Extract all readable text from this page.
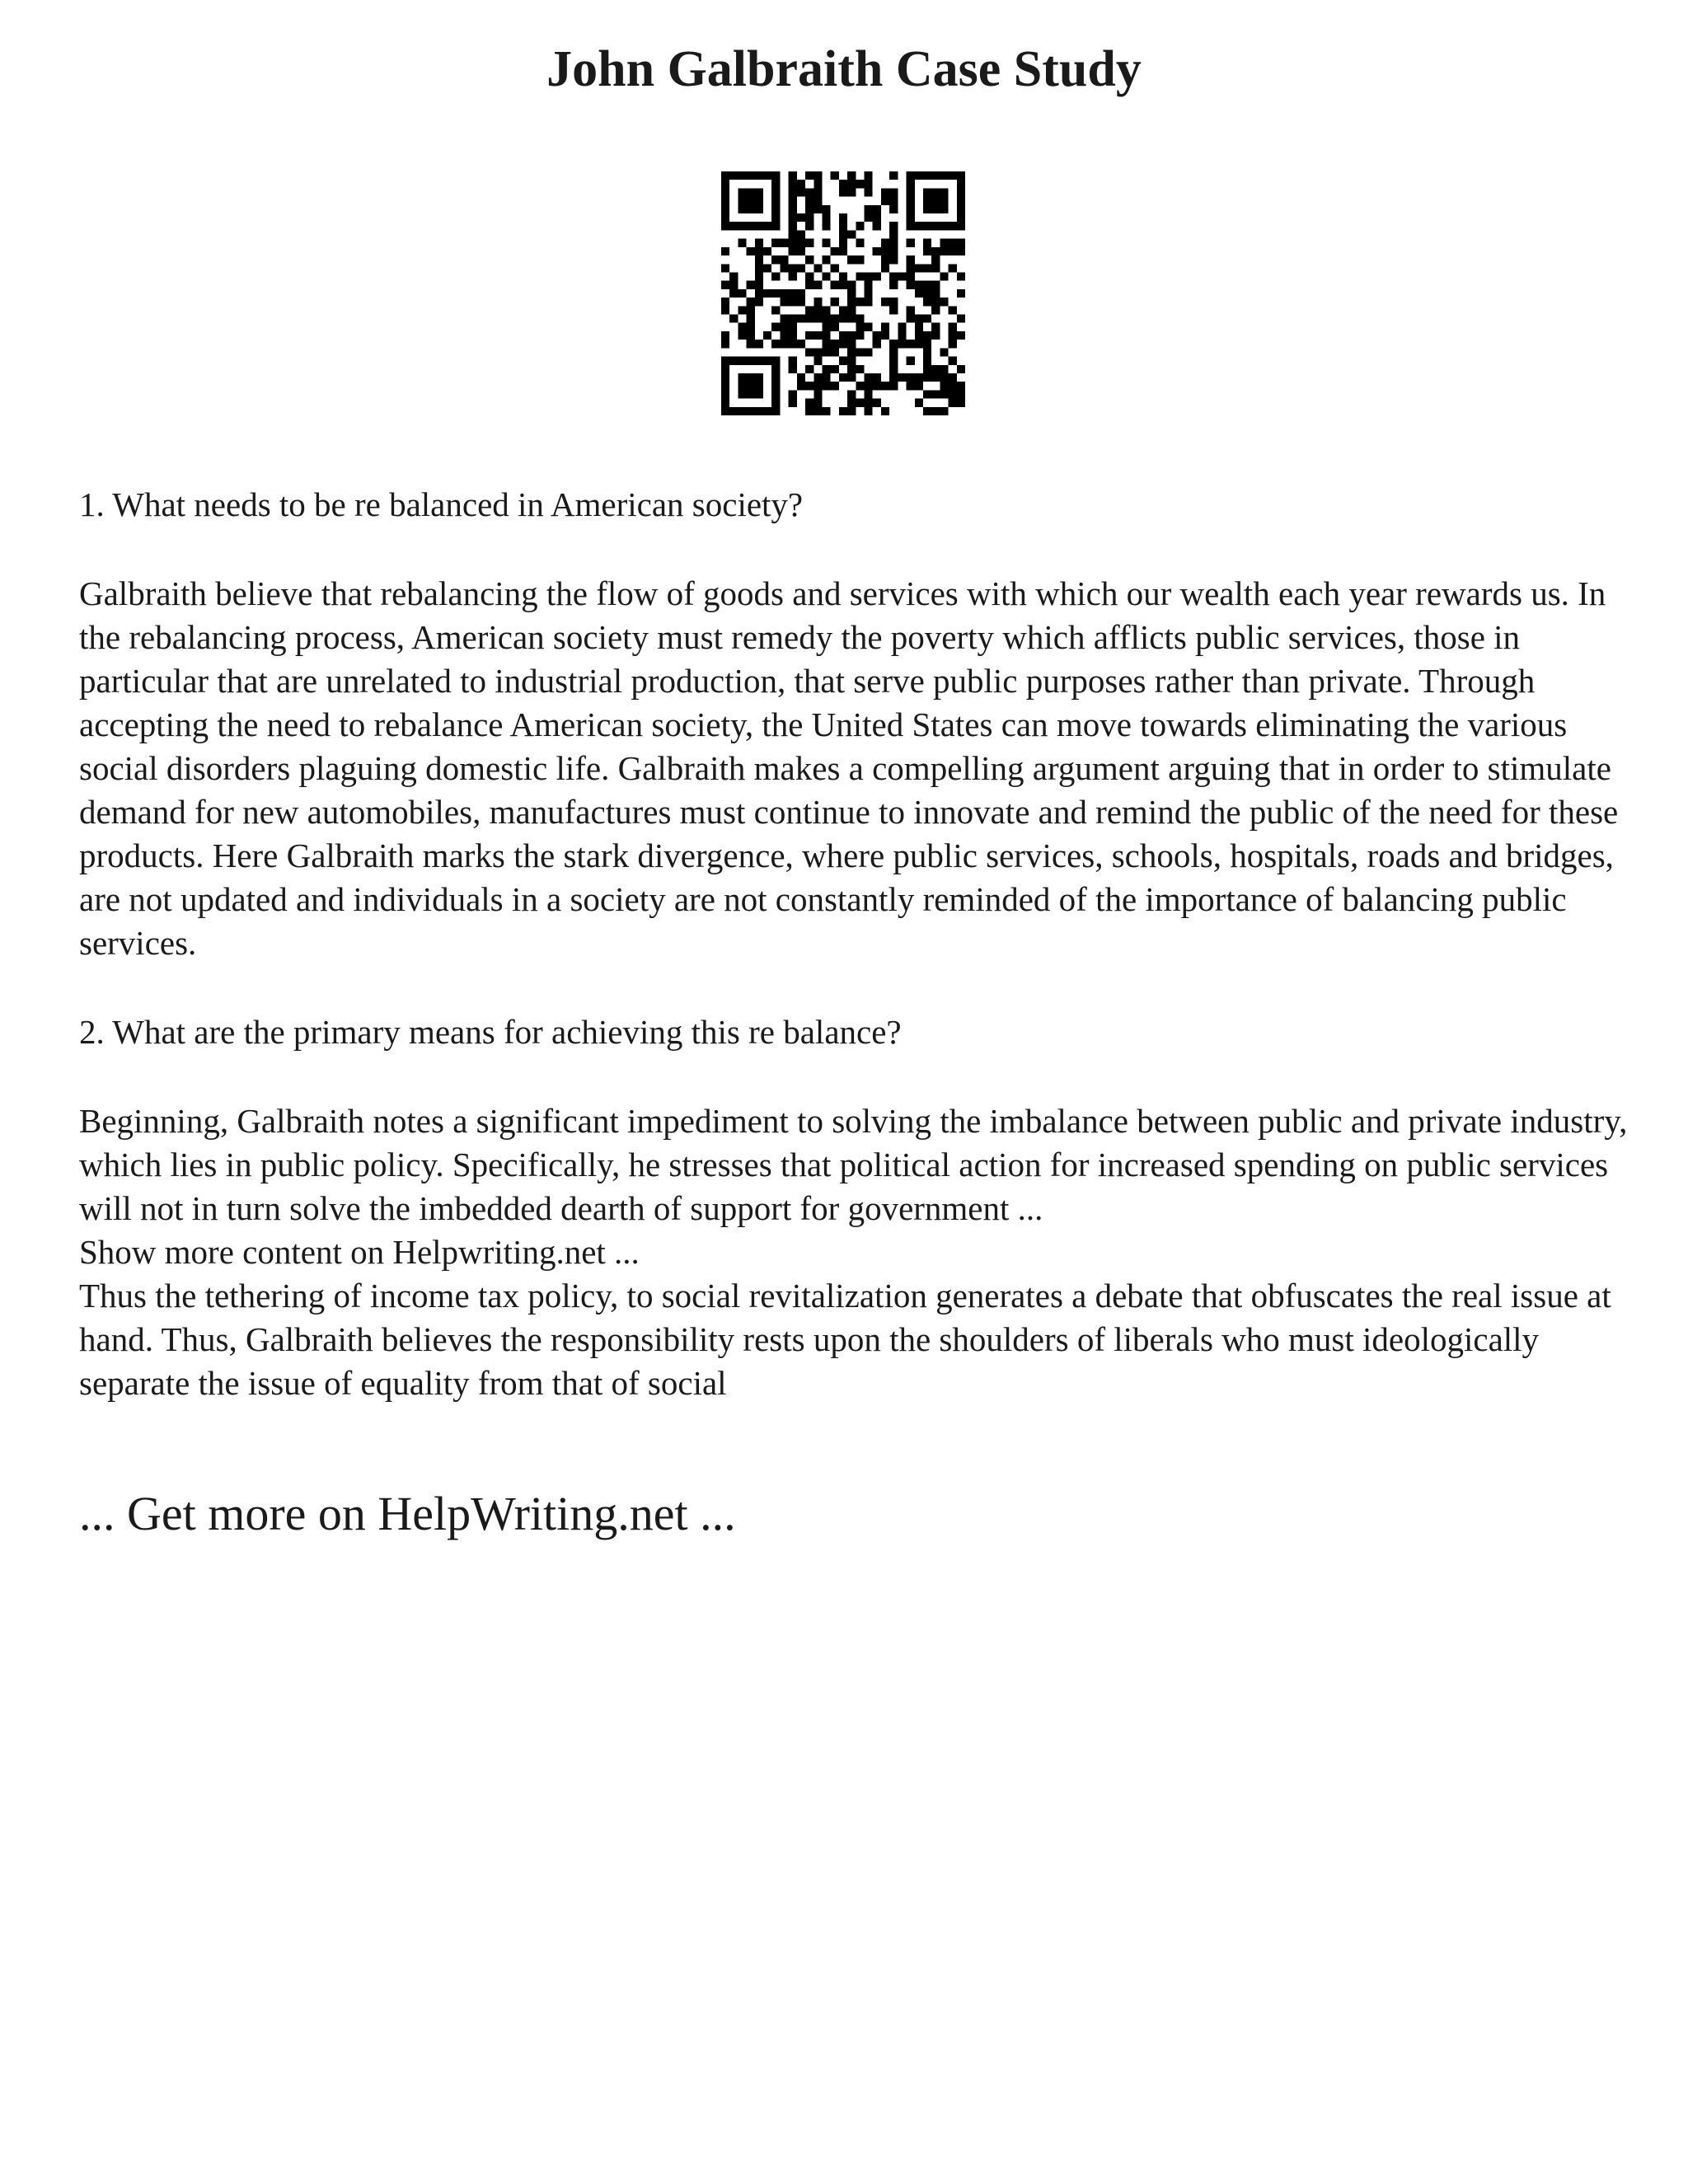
John Galbraith Case Study

1. What needs to be re balanced in American society?

Galbraith believe that rebalancing the flow of goods and services with which our wealth each year rewards us. In the rebalancing process, American society must remedy the poverty which afflicts public services, those in particular that are unrelated to industrial production, that serve public purposes rather than private. Through accepting the need to rebalance American society, the United States can move towards eliminating the various social disorders plaguing domestic life. Galbraith makes a compelling argument arguing that in order to stimulate demand for new automobiles, manufactures must continue to innovate and remind the public of the need for these products. Here Galbraith marks the stark divergence, where public services, schools, hospitals, roads and bridges, are not updated and individuals in a society are not constantly reminded of the importance of balancing public services.

2. What are the primary means for achieving this re balance?

Beginning, Galbraith notes a significant impediment to solving the imbalance between public and private industry, which lies in public policy. Specifically, he stresses that political action for increased spending on public services will not in turn solve the imbedded dearth of support for government ...

Show more content on Helpwriting.net ...

Thus the tethering of income tax policy, to social revitalization generates a debate that obfuscates the real issue at hand. Thus, Galbraith believes the responsibility rests upon the shoulders of liberals who must ideologically separate the issue of equality from that of social

... Get more on HelpWriting.net ...
